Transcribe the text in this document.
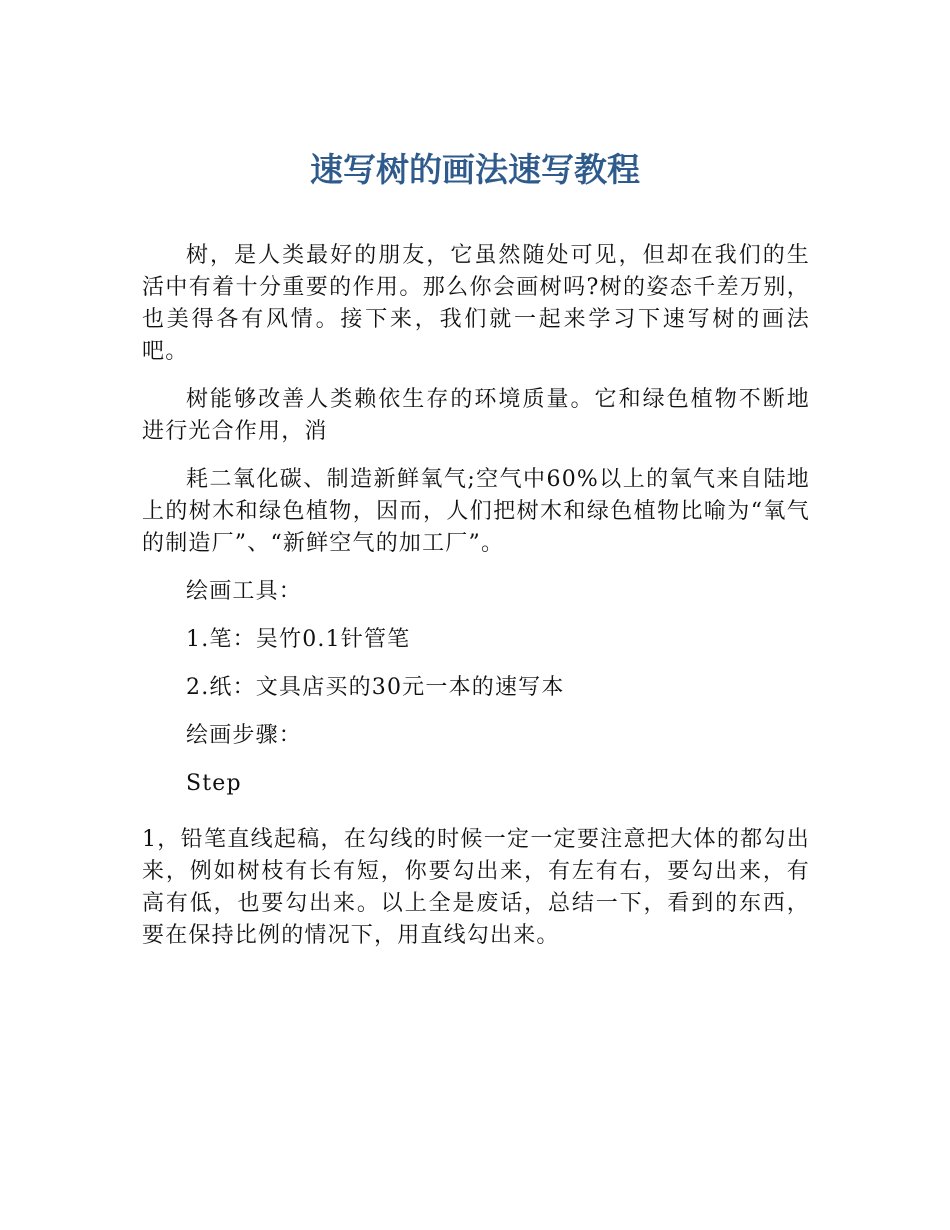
速写树的画法速写教程

树，是人类最好的朋友，它虽然随处可见，但却在我们的生活中有着十分重要的作用。那么你会画树吗?树的姿态千差万别，也美得各有风情。接下来，我们就一起来学习下速写树的画法吧。

树能够改善人类赖依生存的环境质量。它和绿色植物不断地进行光合作用，消

耗二氧化碳、制造新鲜氧气;空气中60%以上的氧气来自陆地上的树木和绿色植物，因而，人们把树木和绿色植物比喻为“氧气的制造厂”、“新鲜空气的加工厂”。

绘画工具：

1.笔：吴竹0.1针管笔

2.纸：文具店买的30元一本的速写本

绘画步骤：

Step

1，铅笔直线起稿，在勾线的时候一定一定要注意把大体的都勾出来，例如树枝有长有短，你要勾出来，有左有右，要勾出来，有高有低，也要勾出来。以上全是废话，总结一下，看到的东西，要在保持比例的情况下，用直线勾出来。
